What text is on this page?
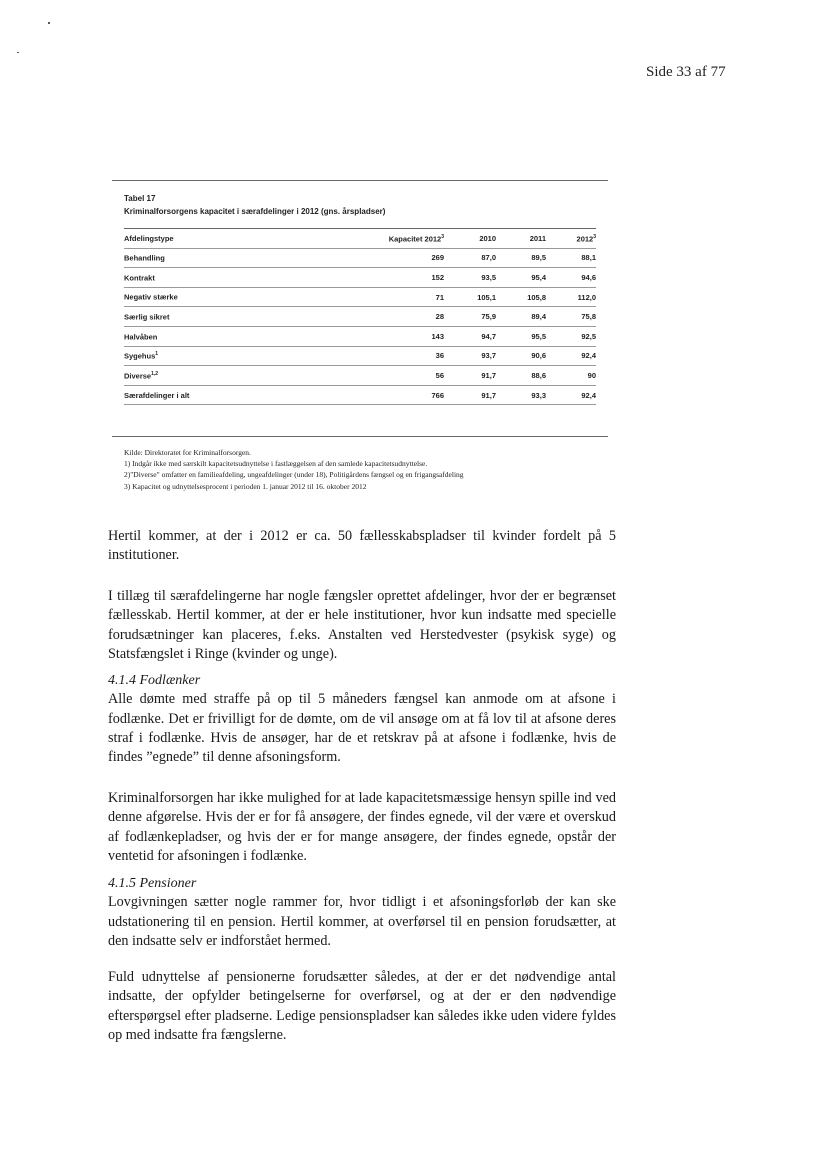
Side 33 af 77
Tabel 17
Kriminalforsorgens kapacitet i særafdelinger i 2012 (gns. årspladser)
Afdelingstype	Kapacitet 2012$^3$	2010	2011	2012$^3$
Behandling	269	87,0	89,5	88,1
Kontrakt	152	93,5	95,4	94,6
Negativ stærke	71	105,1	105,8	112,0
Særlig sikret	28	75,9	89,4	75,8
Halvåben	143	94,7	95,5	92,5
Sygehus$^1$	36	93,7	90,6	92,4
Diverse$^{1,2}$	56	91,7	88,6	90
Særafdelinger i alt	766	91,7	93,3	92,4
Kilde: Direktoratet for Kriminalforsorgen.
1) Indgår ikke med særskilt kapacitetsudnyttelse i fastlæggelsen af den samlede kapacitetsudnyttelse.
2)"Diverse" omfatter en familieafdeling, ungeafdelinger (under 18), Politigårdens fængsel og en frigangsafdeling
3) Kapacitet og udnyttelsesprocent i perioden 1. januar 2012 til 16. oktober 2012

Hertil kommer, at der i 2012 er ca. 50 fællesskabspladser til kvinder fordelt på 5 institutioner.

I tillæg til særafdelingerne har nogle fængsler oprettet afdelinger, hvor der er begrænset fællesskab. Hertil kommer, at der er hele institutioner, hvor kun indsatte med specielle forudsætninger kan placeres, f.eks. Anstalten ved Herstedvester (psykisk syge) og Statsfængslet i Ringe (kvinder og unge).

4.1.4 Fodlænker

Alle dømte med straffe på op til 5 måneders fængsel kan anmode om at afsone i fodlænke. Det er frivilligt for de dømte, om de vil ansøge om at få lov til at afsone deres straf i fodlænke. Hvis de ansøger, har de et retskrav på at afsone i fodlænke, hvis de findes ”egnede” til denne afsoningsform.

Kriminalforsorgen har ikke mulighed for at lade kapacitetsmæssige hensyn spille ind ved denne afgørelse. Hvis der er for få ansøgere, der findes egnede, vil der være et overskud af fodlænkepladser, og hvis der er for mange ansøgere, der findes egnede, opstår der ventetid for afsoningen i fodlænke.

4.1.5 Pensioner

Lovgivningen sætter nogle rammer for, hvor tidligt i et afsoningsforløb der kan ske udstationering til en pension. Hertil kommer, at overførsel til en pension forudsætter, at den indsatte selv er indforstået hermed.

Fuld udnyttelse af pensionerne forudsætter således, at der er det nødvendige antal indsatte, der opfylder betingelserne for overførsel, og at der er den nødvendige efterspørgsel efter pladserne. Ledige pensionspladser kan således ikke uden videre fyldes op med indsatte fra fængslerne.
